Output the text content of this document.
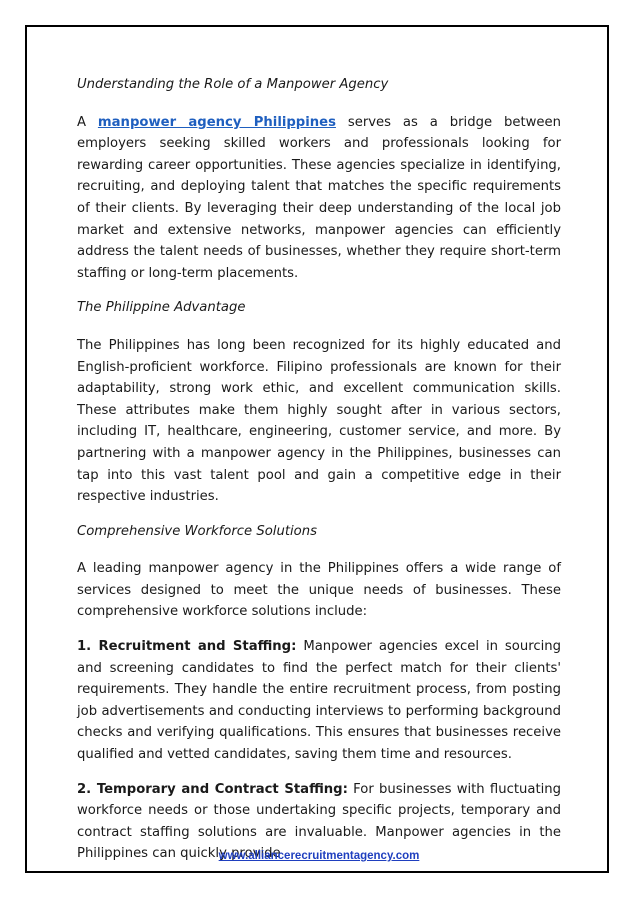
Understanding the Role of a Manpower Agency

A manpower agency Philippines serves as a bridge between employers seeking skilled workers and professionals looking for rewarding career opportunities. These agencies specialize in identifying, recruiting, and deploying talent that matches the specific requirements of their clients. By leveraging their deep understanding of the local job market and extensive networks, manpower agencies can efficiently address the talent needs of businesses, whether they require short-term staffing or long-term placements.

The Philippine Advantage

The Philippines has long been recognized for its highly educated and English-proficient workforce. Filipino professionals are known for their adaptability, strong work ethic, and excellent communication skills. These attributes make them highly sought after in various sectors, including IT, healthcare, engineering, customer service, and more. By partnering with a manpower agency in the Philippines, businesses can tap into this vast talent pool and gain a competitive edge in their respective industries.

Comprehensive Workforce Solutions

A leading manpower agency in the Philippines offers a wide range of services designed to meet the unique needs of businesses. These comprehensive workforce solutions include:

1. Recruitment and Staffing: Manpower agencies excel in sourcing and screening candidates to find the perfect match for their clients' requirements. They handle the entire recruitment process, from posting job advertisements and conducting interviews to performing background checks and verifying qualifications. This ensures that businesses receive qualified and vetted candidates, saving them time and resources.

2. Temporary and Contract Staffing: For businesses with fluctuating workforce needs or those undertaking specific projects, temporary and contract staffing solutions are invaluable. Manpower agencies in the Philippines can quickly provide

www.alliancerecruitmentagency.com
